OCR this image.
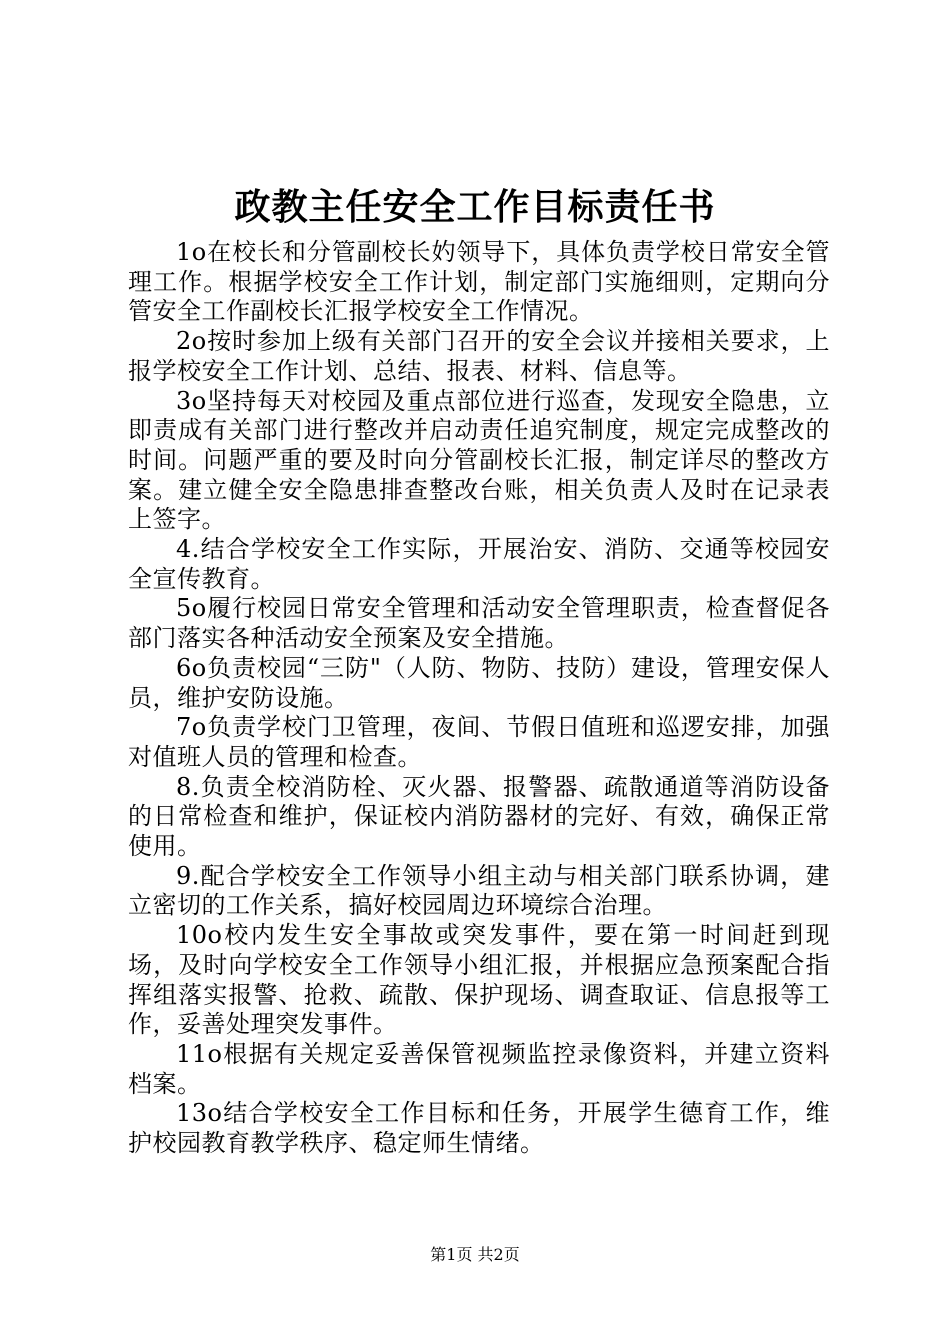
政教主任安全工作目标责任书

1o在校长和分管副校长妁领导下，具体负责学校日常安全管理工作。根据学校安全工作计划，制定部门实施细则，定期向分管安全工作副校长汇报学校安全工作情况。

2o按时参加上级有关部门召开的安全会议并接相关要求，上报学校安全工作计划、总结、报表、材料、信息等。

3o坚持每天对校园及重点部位进行巡查，发现安全隐患，立即责成有关部门进行整改并启动责任追究制度，规定完成整改的时间。问题严重的要及时向分管副校长汇报，制定详尽的整改方案。建立健全安全隐患排查整改台账，相关负责人及时在记录表上签字。

4.结合学校安全工作实际，开展治安、消防、交通等校园安全宣传教育。

5o履行校园日常安全管理和活动安全管理职责，检查督促各部门落实各种活动安全预案及安全措施。

6o负责校园“三防"（人防、物防、技防）建设，管理安保人员，维护安防设施。

7o负责学校门卫管理，夜间、节假日值班和巡逻安排，加强对值班人员的管理和检查。

8.负责全校消防栓、灭火器、报警器、疏散通道等消防设备的日常检查和维护，保证校内消防器材的完好、有效，确保正常使用。

9.配合学校安全工作领导小组主动与相关部门联系协调，建立密切的工作关系，搞好校园周边环境综合治理。

10o校内发生安全事故或突发事件，要在第一时间赶到现场，及时向学校安全工作领导小组汇报，并根据应急预案配合指挥组落实报警、抢救、疏散、保护现场、调查取证、信息报等工作，妥善处理突发事件。

11o根据有关规定妥善保管视频监控录像资料，并建立资料档案。

13o结合学校安全工作目标和任务，开展学生德育工作，维护校园教育教学秩序、稳定师生情绪。

第1页 共2页
